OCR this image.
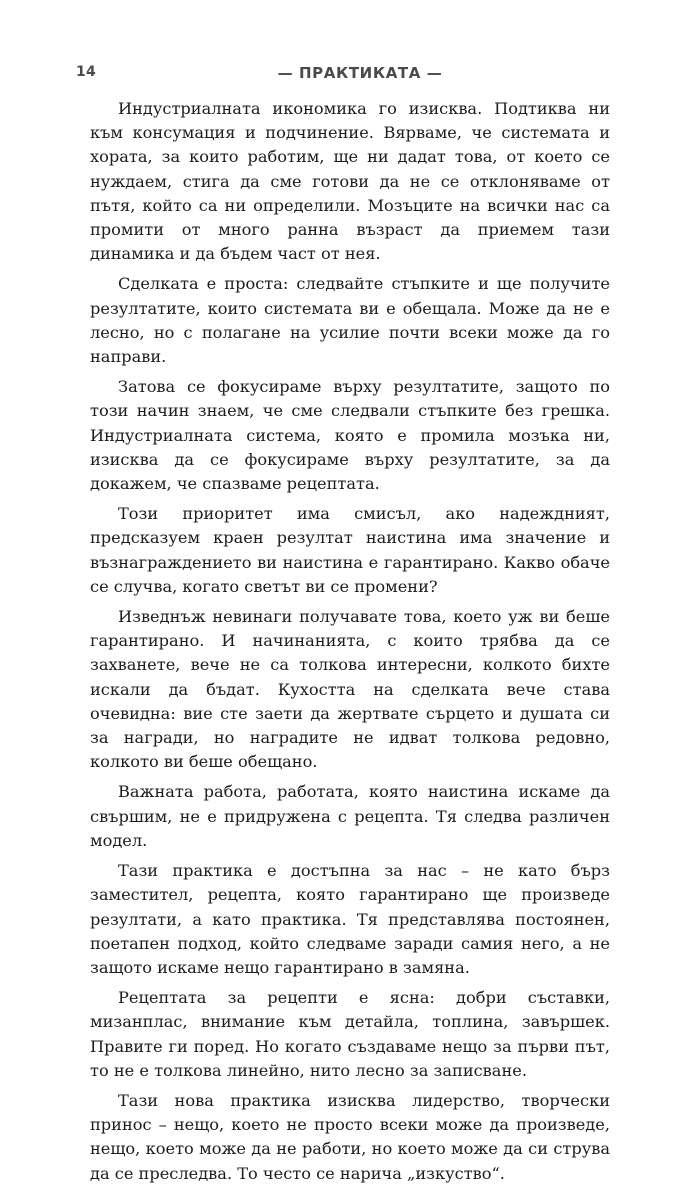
14	— ПРАКТИКАТА —

Индустриалната икономика го изисква. Подтиква ни към консумация и подчинение. Вярваме, че системата и хората, за които работим, ще ни дадат това, от което се нуждаем, стига да сме готови да не се отклоняваме от пътя, който са ни определили. Мозъците на всички нас са промити от много ранна възраст да приемем тази динамика и да бъдем част от нея.

Сделката е проста: следвайте стъпките и ще получите резултатите, които системата ви е обещала. Може да не е лесно, но с полагане на усилие почти всеки може да го направи.

Затова се фокусираме върху резултатите, защото по този начин знаем, че сме следвали стъпките без грешка. Индустриалната система, която е промила мозъка ни, изисква да се фокусираме върху резултатите, за да докажем, че спазваме рецептата.

Този приоритет има смисъл, ако надеждният, предсказуем краен резултат наистина има значение и възнаграждението ви наистина е гарантирано. Какво обаче се случва, когато светът ви се промени?

Изведнъж невинаги получавате това, което уж ви беше гарантирано. И начинанията, с които трябва да се захванете, вече не са толкова интересни, колкото бихте искали да бъдат. Кухостта на сделката вече става очевидна: вие сте заети да жертвате сърцето и душата си за награди, но наградите не идват толкова редовно, колкото ви беше обещано.

Важната работа, работата, която наистина искаме да свършим, не е придружена с рецепта. Тя следва различен модел.

Тази практика е достъпна за нас – не като бърз заместител, рецепта, която гарантирано ще произведе резултати, а като практика. Тя представлява постоянен, поетапен подход, който следваме заради самия него, а не защото искаме нещо гарантирано в замяна.

Рецептата за рецепти е ясна: добри съставки, мизанплас, внимание към детайла, топлина, завършек. Правите ги поред. Но когато създаваме нещо за първи път, то не е толкова линейно, нито лесно за записване.

Тази нова практика изисква лидерство, творчески принос – нещо, което не просто всеки може да произведе, нещо, което може да не работи, но което може да си струва да се преследва. То често се нарича „изкуство“.
